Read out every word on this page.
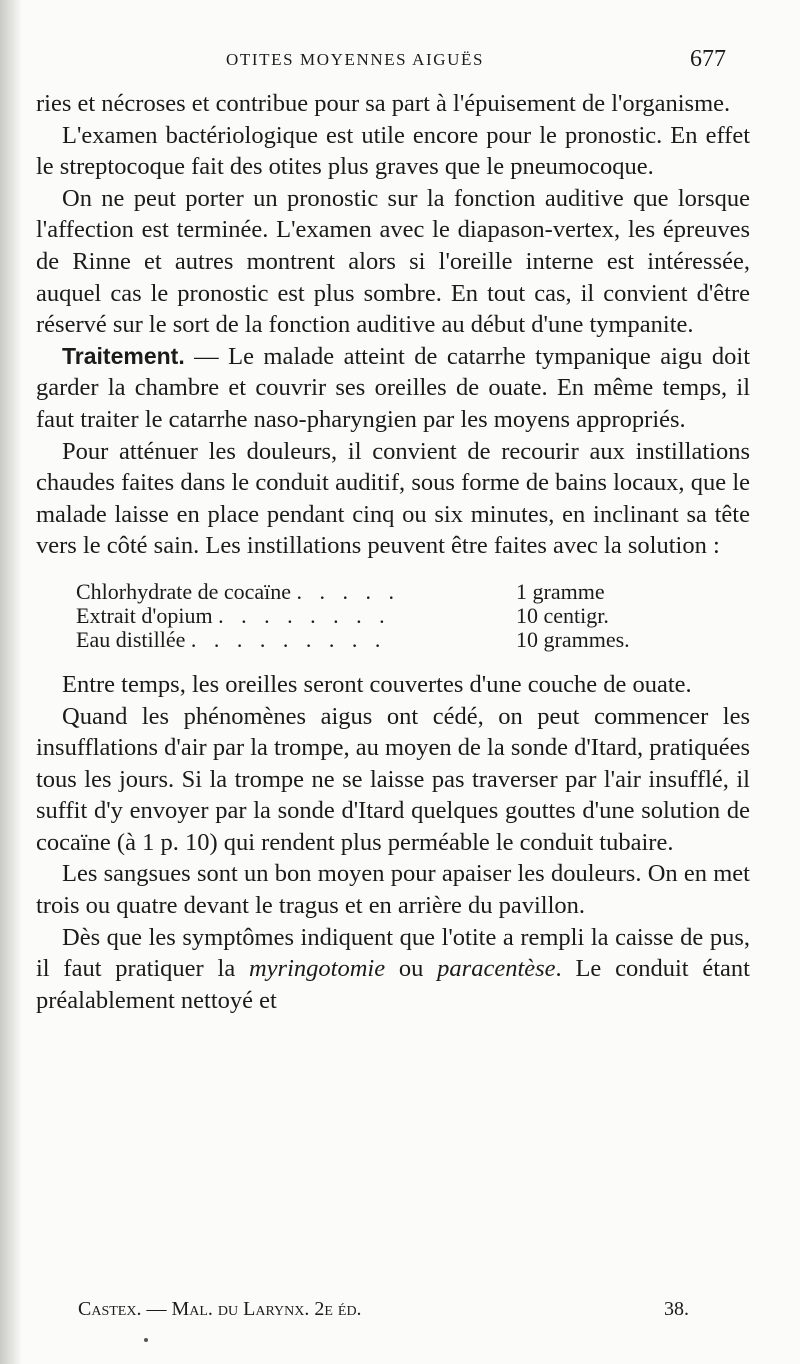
OTITES MOYENNES AIGUËS	677

ries et nécroses et contribue pour sa part à l'épuisement de l'organisme.

L'examen bactériologique est utile encore pour le pronostic. En effet le streptocoque fait des otites plus graves que le pneumocoque.

On ne peut porter un pronostic sur la fonction auditive que lorsque l'affection est terminée. L'examen avec le diapason-vertex, les épreuves de Rinne et autres montrent alors si l'oreille interne est intéressée, auquel cas le pronostic est plus sombre. En tout cas, il convient d'être réservé sur le sort de la fonction auditive au début d'une tympanite.

Traitement. — Le malade atteint de catarrhe tympanique aigu doit garder la chambre et couvrir ses oreilles de ouate. En même temps, il faut traiter le catarrhe naso-pharyngien par les moyens appropriés.

Pour atténuer les douleurs, il convient de recourir aux instillations chaudes faites dans le conduit auditif, sous forme de bains locaux, que le malade laisse en place pendant cinq ou six minutes, en inclinant sa tête vers le côté sain. Les instillations peuvent être faites avec la solution :

Chlorhydrate de cocaïne . . . . .	1 gramme
Extrait d'opium . . . . . . . .	10 centigr.
Eau distillée . . . . . . . . .	10 grammes.

Entre temps, les oreilles seront couvertes d'une couche de ouate.

Quand les phénomènes aigus ont cédé, on peut commencer les insufflations d'air par la trompe, au moyen de la sonde d'Itard, pratiquées tous les jours. Si la trompe ne se laisse pas traverser par l'air insufflé, il suffit d'y envoyer par la sonde d'Itard quelques gouttes d'une solution de cocaïne (à 1 p. 10) qui rendent plus perméable le conduit tubaire.

Les sangsues sont un bon moyen pour apaiser les douleurs. On en met trois ou quatre devant le tragus et en arrière du pavillon.

Dès que les symptômes indiquent que l'otite a rempli la caisse de pus, il faut pratiquer la myringotomie ou paracentèse. Le conduit étant préalablement nettoyé et

Castex. — Mal. du Larynx. 2e éd.	38.
